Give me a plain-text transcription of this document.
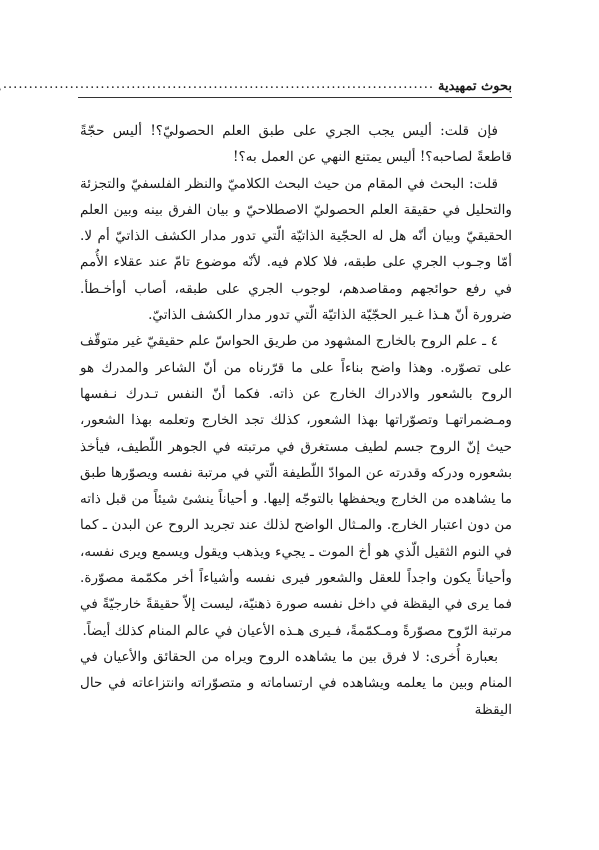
بحوث تمهيدية
....................................................................................

فإن قلت: أليس يجب الجري على طبق العلم الحصوليّ؟! أليس حجّةً قاطعةً لصاحبه؟! أليس يمتنع النهي عن العمل به؟!

قلت: البحث في المقام من حيث البحث الكلاميّ والنظر الفلسفيّ والتجزئة والتحليل في حقيقة العلم الحصوليّ الاصطلاحيّ و بيان الفرق بينه وبين العلم الحقيقيّ وبيان أنّه هل له الحجّية الذاتيّة الّتي تدور مدار الكشف الذاتيّ أم لا. أمّا وجـوب الجري على طبقه، فلا كلام فيه. لأنّه موضوع تامّ عند عقلاء الأُمم في رفع حوائجهم ومقاصدهم، لوجوب الجري على طبقه، أصاب أوأخـطأ. ضرورة أنّ هـذا غـير الحجّيّة الذاتيّة الّتي تدور مدار الكشف الذاتيّ.

٤ ـ علم الروح بالخارج المشهود من طريق الحواسّ علم حقيقيّ غير متوقّف على تصوّره. وهذا واضح بناءاً على ما قرّرناه من أنّ الشاعر والمدرك هو الروح بالشعور والادراك الخارج عن ذاته. فكما أنّ النفس تـدرك نـفسها ومـضمراتهـا وتصوّراتها بهذا الشعور، كذلك تجد الخارج وتعلمه بهذا الشعور، حيث إنّ الروح جسم لطيف مستغرق في مرتبته في الجوهر اللّطيف، فيأخذ بشعوره ودركه وقدرته عن الموادّ اللّطيفة الّتي في مرتبة نفسه ويصوّرها طبق ما يشاهده من الخارج ويحفظها بالتوجّه إليها. و أحياناً ينشئ شيئاً من قبل ذاته من دون اعتبار الخارج. والمـثال الواضح لذلك عند تجريد الروح عن البدن ـ كما في النوم الثقيل الّذي هو أخ الموت ـ يجيء ويذهب ويقول ويسمع ويرى نفسه، وأحياناً يكون واجداً للعقل والشعور فيرى نفسه وأشياءاً أخر مكمّمة مصوّرة. فما يرى في اليقظة في داخل نفسه صورة ذهنيّة، ليست إلاّ حقيقةً خارجيّةً في مرتبة الرّوح مصوّرةً ومـكمّمةً، فـيرى هـذه الأعيان في عالم المنام كذلك أيضاً.

بعبارة أُخرى: لا فرق بين ما يشاهده الروح ويراه من الحقائق والأعيان في المنام وبين ما يعلمه ويشاهده في ارتساماته و متصوّراته وانتزاعاته في حال اليقظة
